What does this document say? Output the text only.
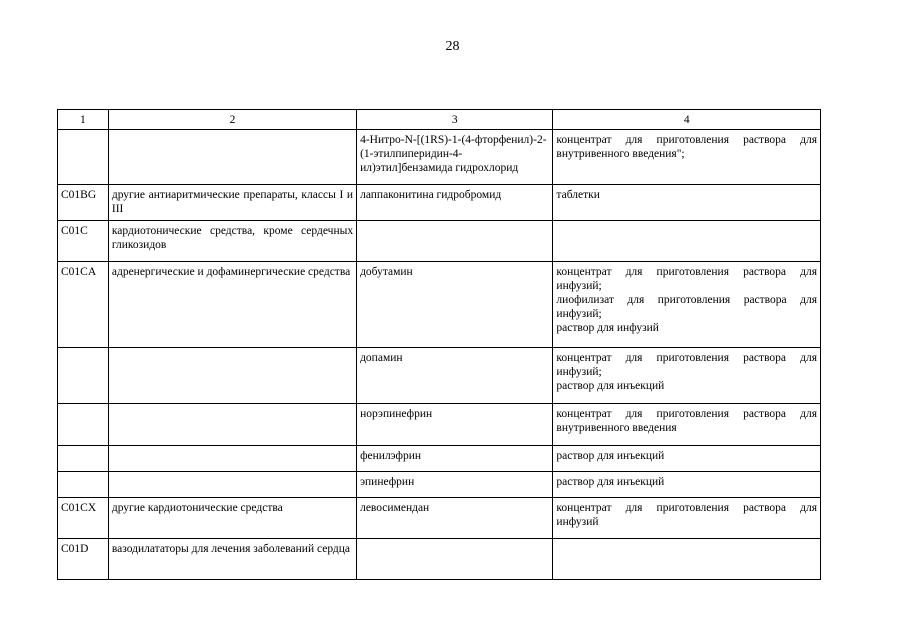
28
1	2	3	4
		4-Нитро-N-[(1RS)-1-(4-фторфенил)-2-(1-этилпиперидин-4-ил)этил]бензамида гидрохлорид	концентрат для приготовления раствора для внутривенного введения";

C01BG	другие антиаритмические препараты, классы I и III	лаппаконитина гидробромид	таблетки

C01C	кардиотонические средства, кроме сердечных гликозидов		
C01CA	адренергические и дофаминергические средства	добутамин	концентрат для приготовления раствора для инфузий;
лиофилизат для приготовления раствора для инфузий;
раствор для инфузий

		допамин	концентрат для приготовления раствора для инфузий;
раствор для инъекций

		норэпинефрин	концентрат для приготовления раствора для внутривенного введения

		фенилэфрин	раствор для инъекций

		эпинефрин	раствор для инъекций

C01CX	другие кардиотонические средства	левосимендан	концентрат для приготовления раствора для инфузий

C01D	вазодилататоры для лечения заболеваний сердца		
